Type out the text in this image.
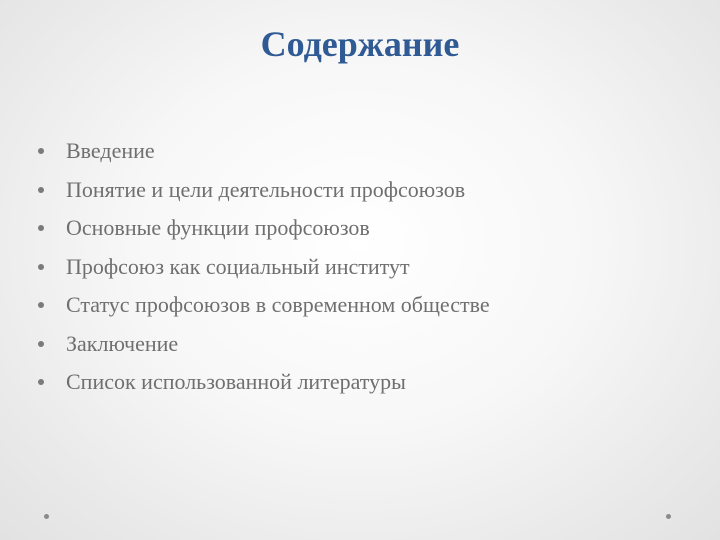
Содержание
Введение
Понятие и цели деятельности профсоюзов
Основные функции профсоюзов
Профсоюз как социальный институт
Статус профсоюзов в современном обществе
Заключение
Список использованной литературы
